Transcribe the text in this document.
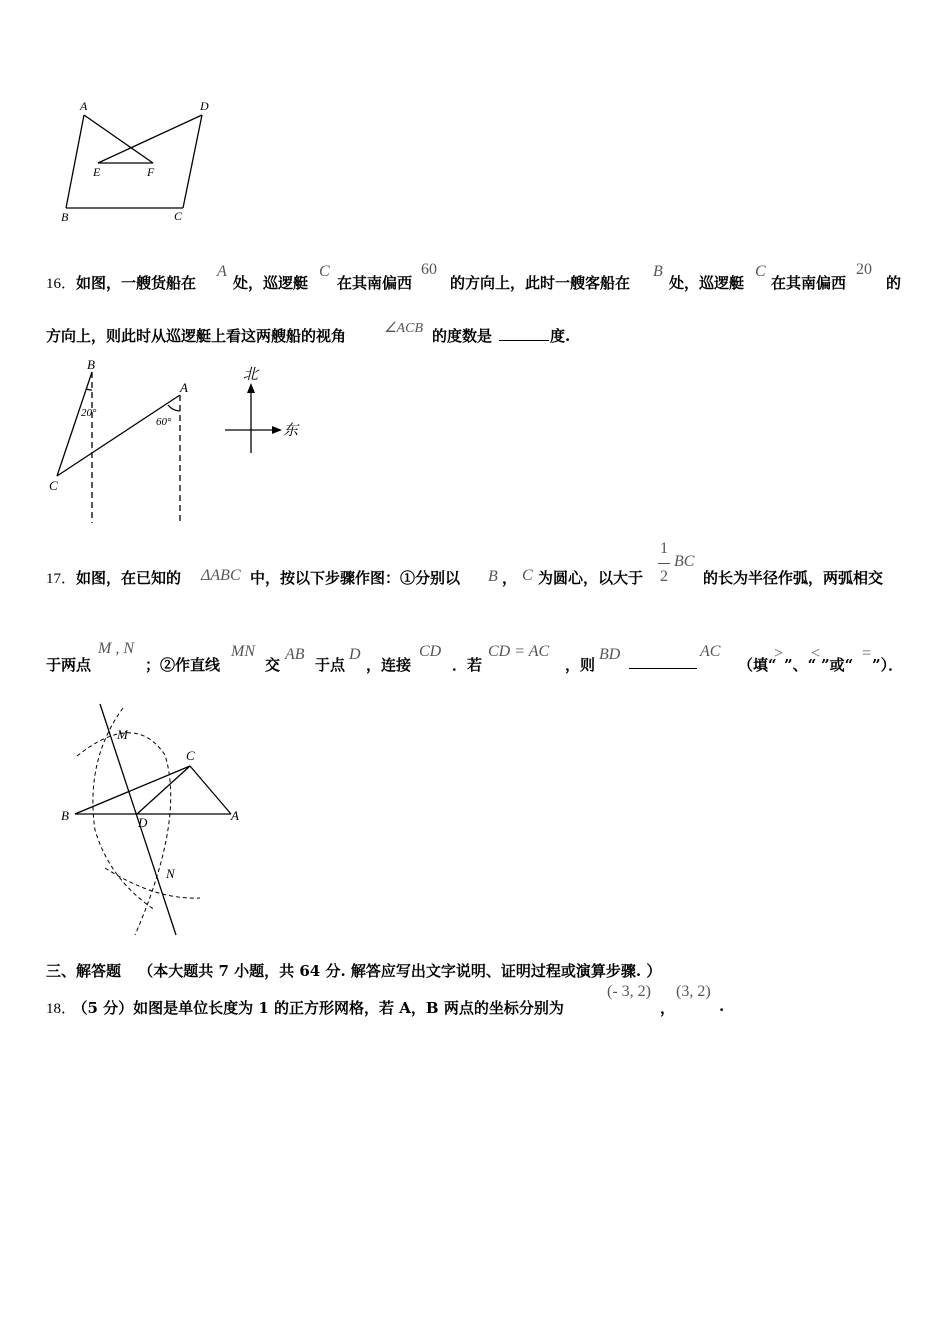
A	D
E	F
B	C
16．如图，一艘货船在
A
处，巡逻艇
C
在其南偏西
60
的方向上，此时一艘客船在
B
处，巡逻艇
C
在其南偏西
20
的
方向上，则此时从巡逻艇上看这两艘船的视角	∠ACB 的度数是	度.
B
A
C
20°
60°
北
东
17．如图，在已知的 ΔABC 中，按以下步骤作图：①分别以 B ， C 为圆心，以大于
1
2
BC
的长为半径作弧，两弧相交
于两点
M , N
；②作直线
MN
交
AB
于点
D
，连接
CD
．若
CD = AC
，则
BD	AC
（填“
>
”、“
<
”或“
=
”）．
M
C
B	D	A
N
三、解答题 （本大题共 7 小题，共 64 分. 解答应写出文字说明、证明过程或演算步骤. ）
18． （5 分）如图是单位长度为 1 的正方形网格，若 A，B 两点的坐标分别为
(- 3, 2)
，
(3, 2)
.
